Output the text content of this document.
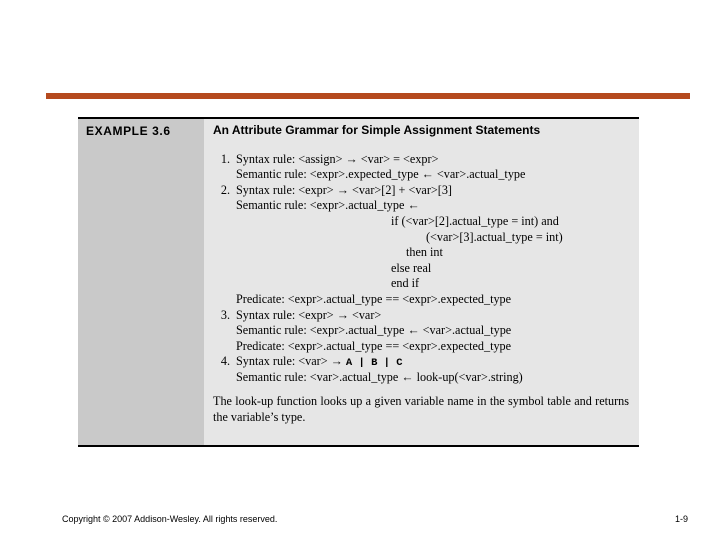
EXAMPLE 3.6	An Attribute Grammar for Simple Assignment Statements
1. Syntax rule: <assign> → <var> = <expr>
Semantic rule: <expr>.expected_type ← <var>.actual_type
2. Syntax rule: <expr> → <var>[2] + <var>[3]
Semantic rule: <expr>.actual_type ←
if (<var>[2].actual_type = int) and
(<var>[3].actual_type = int)
then int
else real
end if
Predicate: <expr>.actual_type == <expr>.expected_type
3. Syntax rule: <expr> → <var>
Semantic rule: <expr>.actual_type ← <var>.actual_type
Predicate: <expr>.actual_type == <expr>.expected_type
4. Syntax rule: <var> → A | B | C
Semantic rule: <var>.actual_type ← look-up(<var>.string)
The look-up function looks up a given variable name in the symbol table and returns the variable’s type.
Copyright © 2007 Addison-Wesley. All rights reserved.	1-9
